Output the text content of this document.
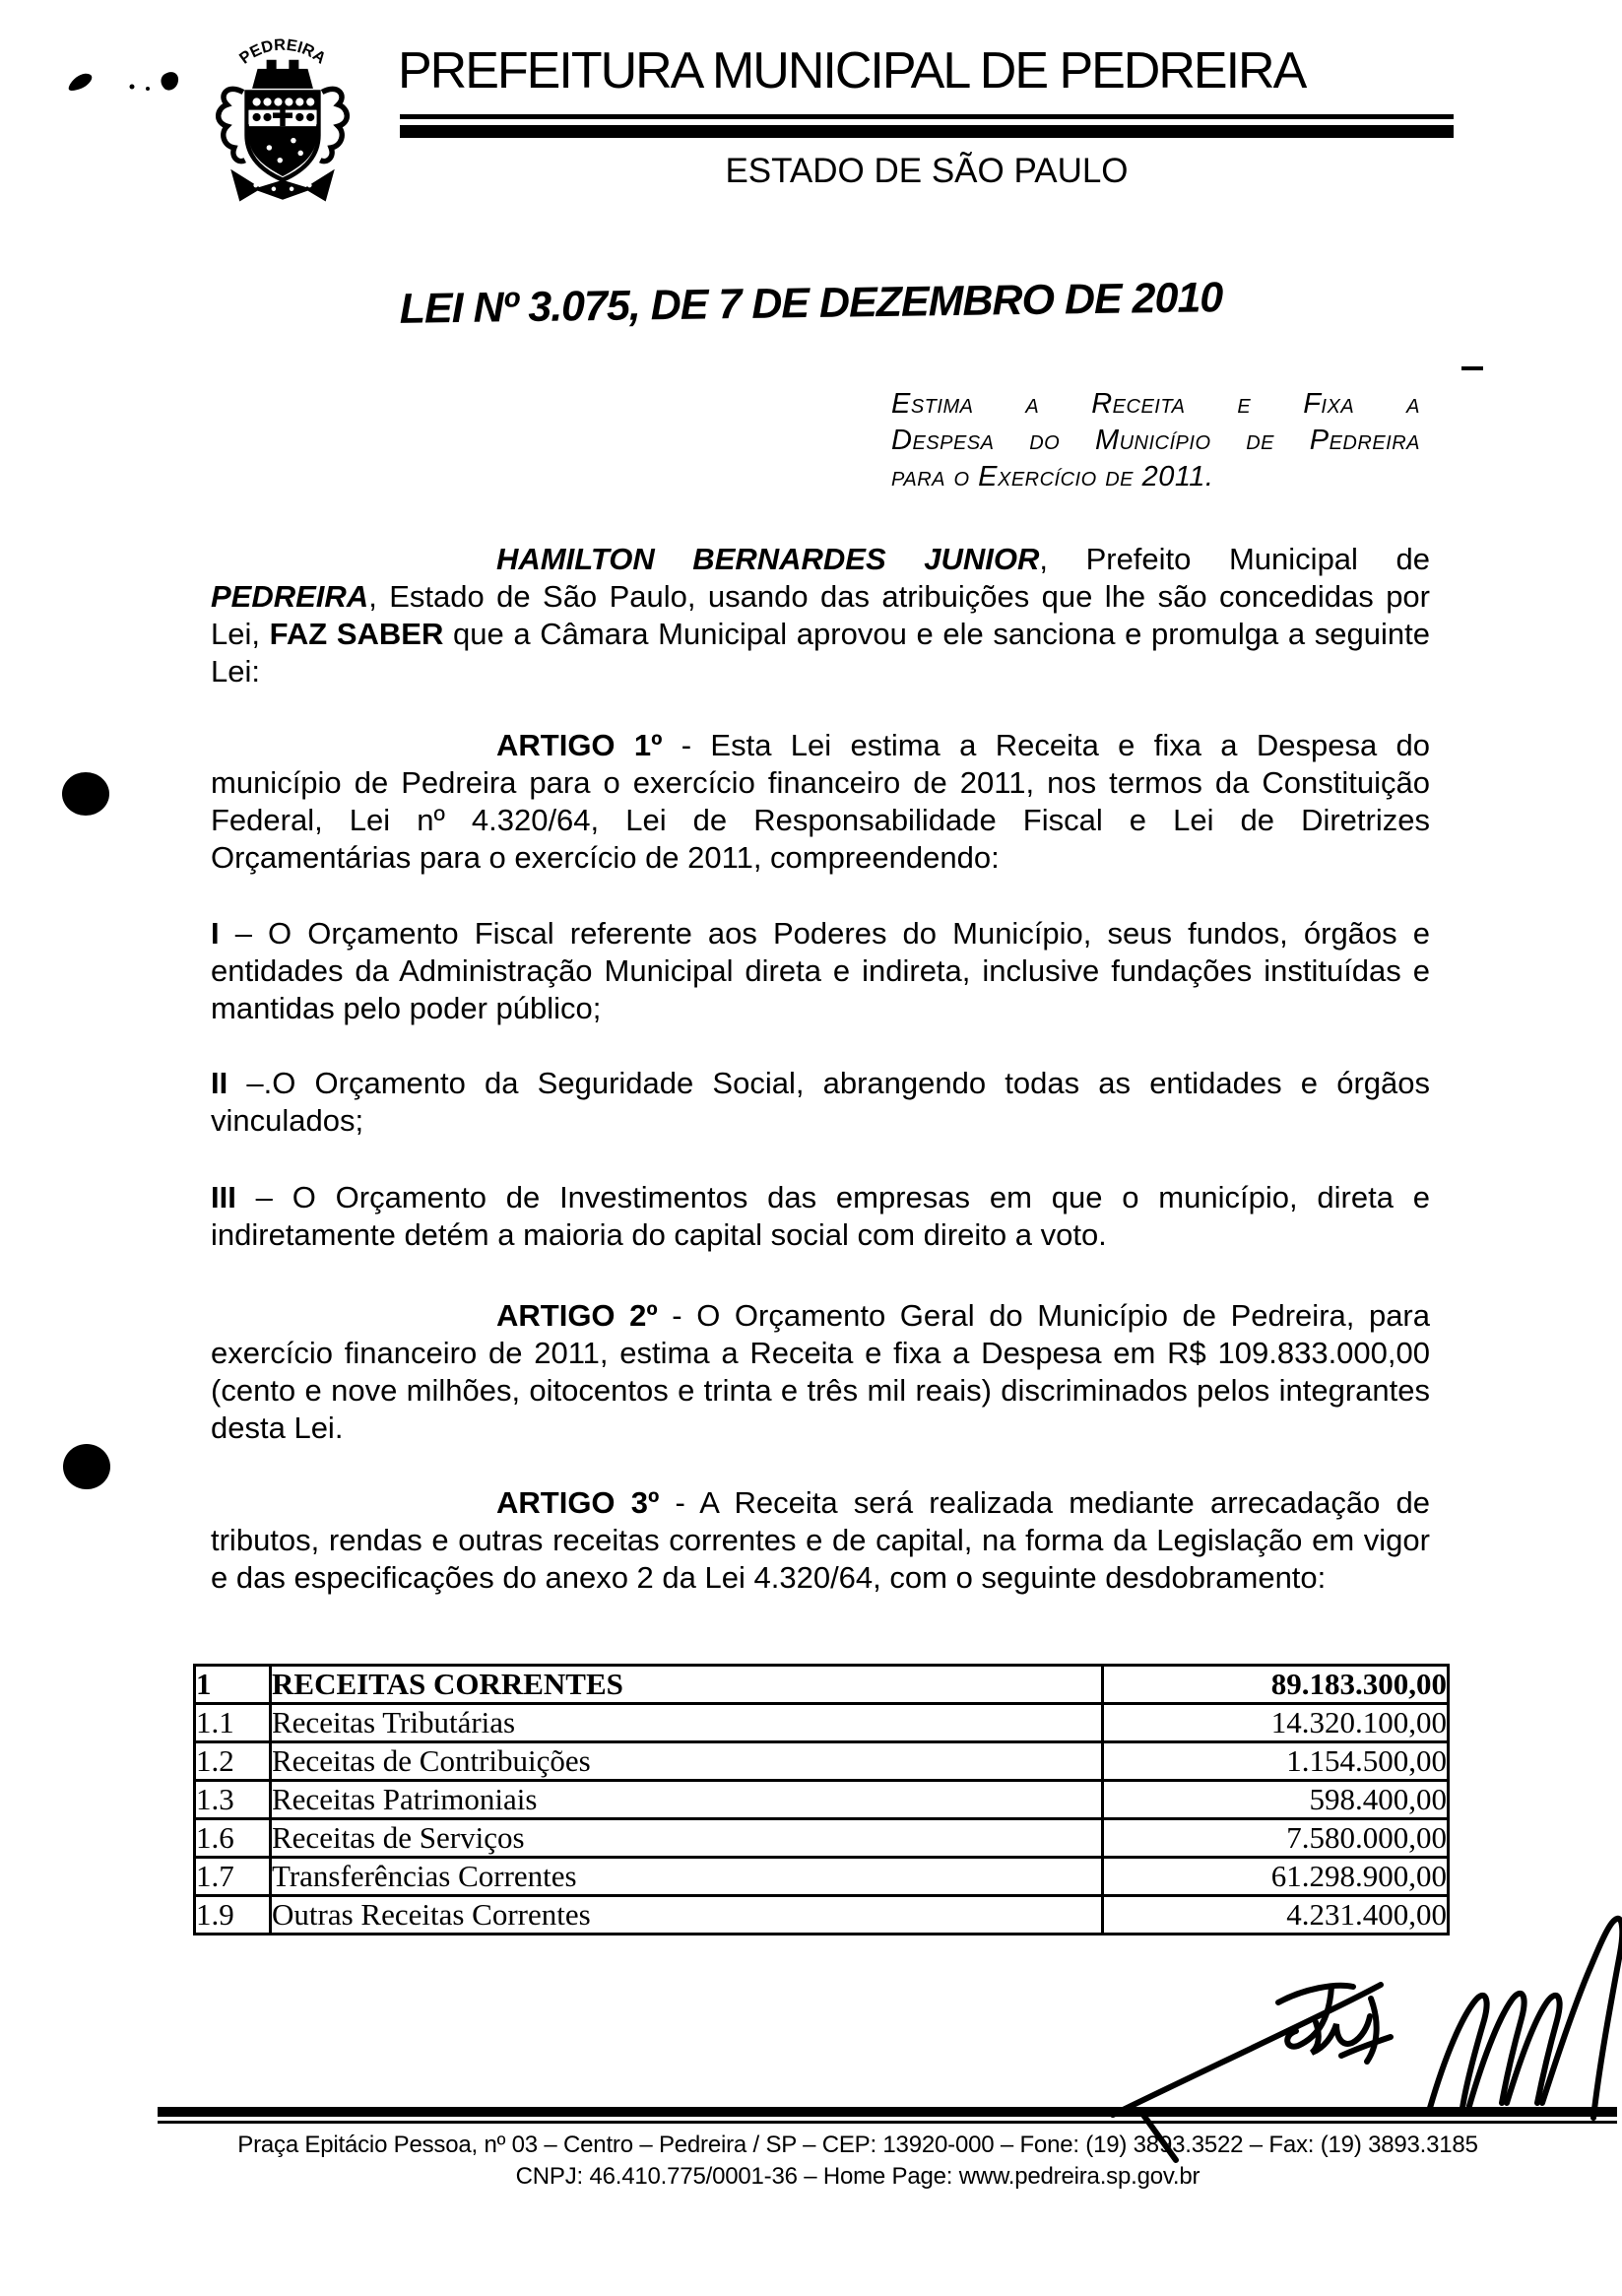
PEDREIRA PREFEITURA MUNICIPAL DE PEDREIRA
ESTADO DE SÃO PAULO
LEI Nº 3.075, DE 7 DE DEZEMBRO DE 2010
Estima a Receita e Fixa a
Despesa do Município de Pedreira
para o Exercício de 2011.
HAMILTON BERNARDES JUNIOR, Prefeito Municipal de PEDREIRA, Estado de São Paulo, usando das atribuições que lhe são concedidas por Lei, FAZ SABER que a Câmara Municipal aprovou e ele sanciona e promulga a seguinte Lei:
ARTIGO 1º - Esta Lei estima a Receita e fixa a Despesa do município de Pedreira para o exercício financeiro de 2011, nos termos da Constituição Federal, Lei nº 4.320/64, Lei de Responsabilidade Fiscal e Lei de Diretrizes Orçamentárias para o exercício de 2011, compreendendo:
I – O Orçamento Fiscal referente aos Poderes do Município, seus fundos, órgãos e entidades da Administração Municipal direta e indireta, inclusive fundações instituídas e mantidas pelo poder público;
II –.O Orçamento da Seguridade Social, abrangendo todas as entidades e órgãos vinculados;
III – O Orçamento de Investimentos das empresas em que o município, direta e indiretamente detém a maioria do capital social com direito a voto.
ARTIGO 2º - O Orçamento Geral do Município de Pedreira, para exercício financeiro de 2011, estima a Receita e fixa a Despesa em R$ 109.833.000,00 (cento e nove milhões, oitocentos e trinta e três mil reais) discriminados pelos integrantes desta Lei.
ARTIGO 3º - A Receita será realizada mediante arrecadação de tributos, rendas e outras receitas correntes e de capital, na forma da Legislação em vigor e das especificações do anexo 2 da Lei 4.320/64, com o seguinte desdobramento:
1	RECEITAS CORRENTES	89.183.300,00
1.1	Receitas Tributárias	14.320.100,00
1.2	Receitas de Contribuições	1.154.500,00
1.3	Receitas Patrimoniais	598.400,00
1.6	Receitas de Serviços	7.580.000,00
1.7	Transferências Correntes	61.298.900,00
1.9	Outras Receitas Correntes	4.231.400,00
Praça Epitácio Pessoa, nº 03 – Centro – Pedreira / SP – CEP: 13920-000 – Fone: (19) 3893.3522 – Fax: (19) 3893.3185
CNPJ: 46.410.775/0001-36 – Home Page: www.pedreira.sp.gov.br
